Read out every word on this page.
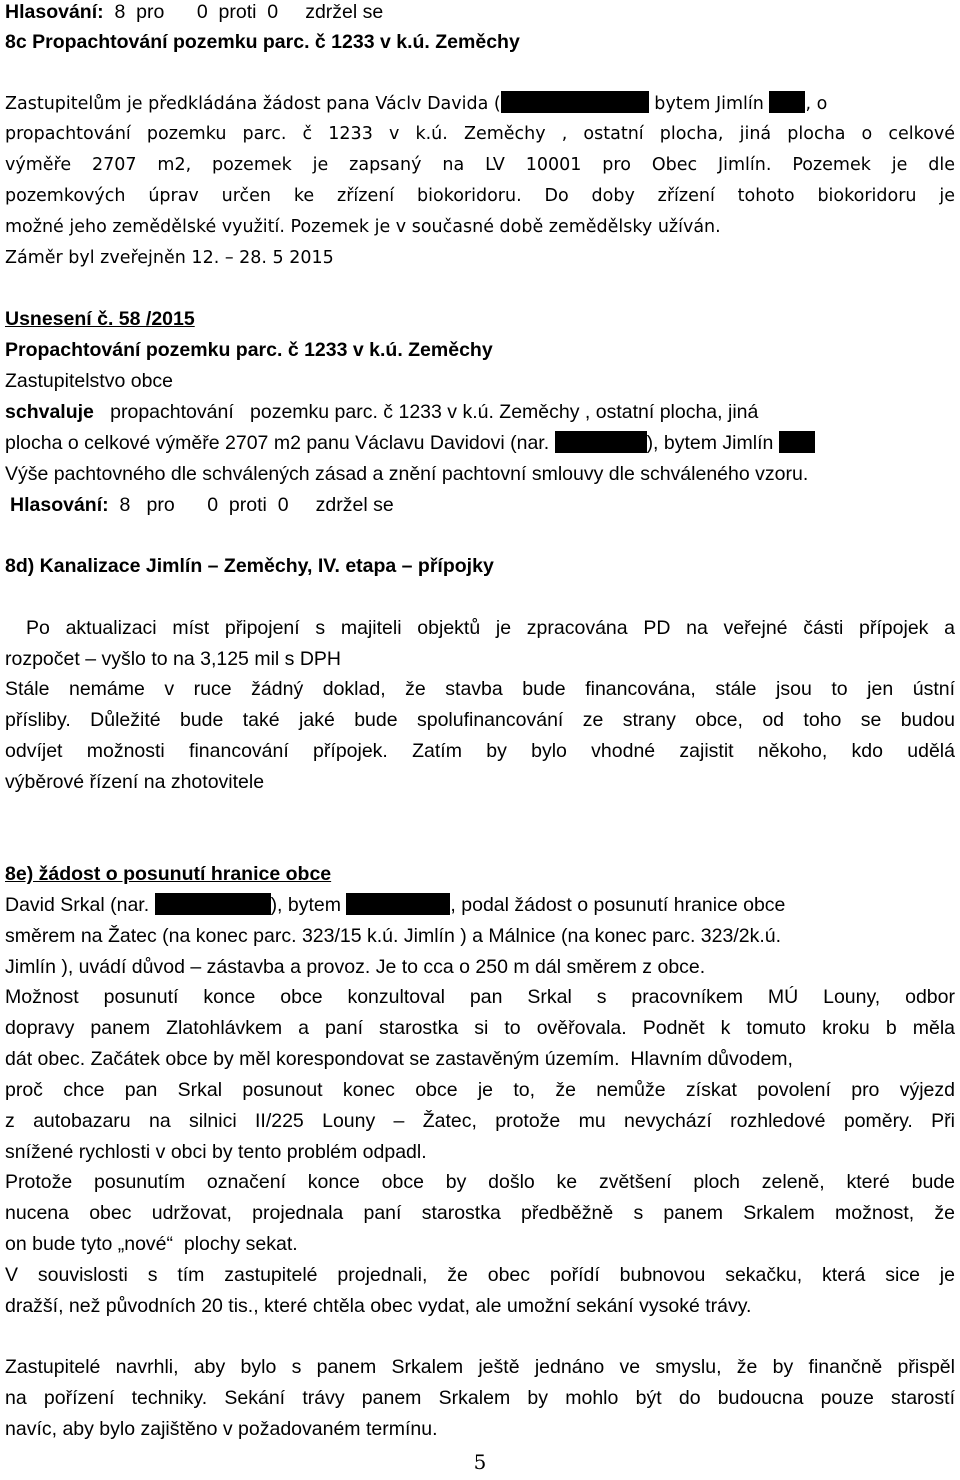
Hlasování:  8  pro      0  proti  0     zdržel se
8c Propachtování pozemku parc. č 1233 v k.ú. Zeměchy
Zastupitelům je předkládána žádost pana Václv Davida (	bytem Jimlín , o
propachtování pozemku parc. č 1233 v k.ú. Zeměchy , ostatní plocha, jiná plocha o celkové
výměře 2707 m2, pozemek je zapsaný na LV 10001 pro Obec Jimlín. Pozemek je dle
pozemkových úprav určen ke zřízení biokoridoru. Do doby zřízení tohoto biokoridoru je
možné jeho zemědělské využití. Pozemek je v současné době zemědělsky užíván.
Záměr byl zveřejněn 12. – 28. 5 2015
Usnesení č. 58 /2015
Propachtování pozemku parc. č 1233 v k.ú. Zeměchy
Zastupitelstvo obce
schvaluje propachtování   pozemku parc. č 1233 v k.ú. Zeměchy , ostatní plocha, jiná
plocha o celkové výměře 2707 m2 panu Václavu Davidovi (nar.	), bytem Jimlín
Výše pachtovného dle schválených zásad a znění pachtovní smlouvy dle schváleného vzoru.
Hlasování:  8   pro      0  proti  0     zdržel se
8d) Kanalizace Jimlín – Zeměchy, IV. etapa – přípojky
Po aktualizaci míst připojení s majiteli objektů je zpracována PD na veřejné části přípojek a
rozpočet – vyšlo to na 3,125 mil s DPH
Stále nemáme v ruce žádný doklad, že stavba bude financována, stále jsou to jen ústní
přísliby. Důležité bude také jaké bude spolufinancování ze strany obce, od toho se budou
odvíjet možnosti financování přípojek. Zatím by bylo vhodné zajistit někoho, kdo udělá
výběrové řízení na zhotovitele
8e) žádost o posunutí hranice obce
David Srkal (nar.	), bytem	, podal žádost o posunutí hranice obce
směrem na Žatec (na konec parc. 323/15 k.ú. Jimlín ) a Málnice (na konec parc. 323/2k.ú.
Jimlín ), uvádí důvod – zástavba a provoz. Je to cca o 250 m dál směrem z obce.
Možnost posunutí konce obce konzultoval pan Srkal s pracovníkem MÚ Louny, odbor
dopravy panem Zlatohlávkem a paní starostka si to ověřovala. Podnět k tomuto kroku b měla
dát obec. Začátek obce by měl korespondovat se zastavěným územím.  Hlavním důvodem,
proč chce pan Srkal posunout konec obce je to, že nemůže získat povolení pro výjezd
z autobazaru na silnici II/225 Louny – Žatec, protože mu nevychází rozhledové poměry. Při
snížené rychlosti v obci by tento problém odpadl.
Protože posunutím označení konce obce by došlo ke zvětšení ploch zeleně, které bude
nucena obec udržovat, projednala paní starostka předběžně s panem Srkalem možnost, že
on bude tyto „nové“  plochy sekat.
V souvislosti s tím zastupitelé projednali, že obec pořídí bubnovou sekačku, která sice je
dražší, než původních 20 tis., které chtěla obec vydat, ale umožní sekání vysoké trávy.
Zastupitelé navrhli, aby bylo s panem Srkalem ještě jednáno ve smyslu, že by finančně přispěl
na pořízení techniky. Sekání trávy panem Srkalem by mohlo být do budoucna pouze starostí
navíc, aby bylo zajištěno v požadovaném termínu.
5
